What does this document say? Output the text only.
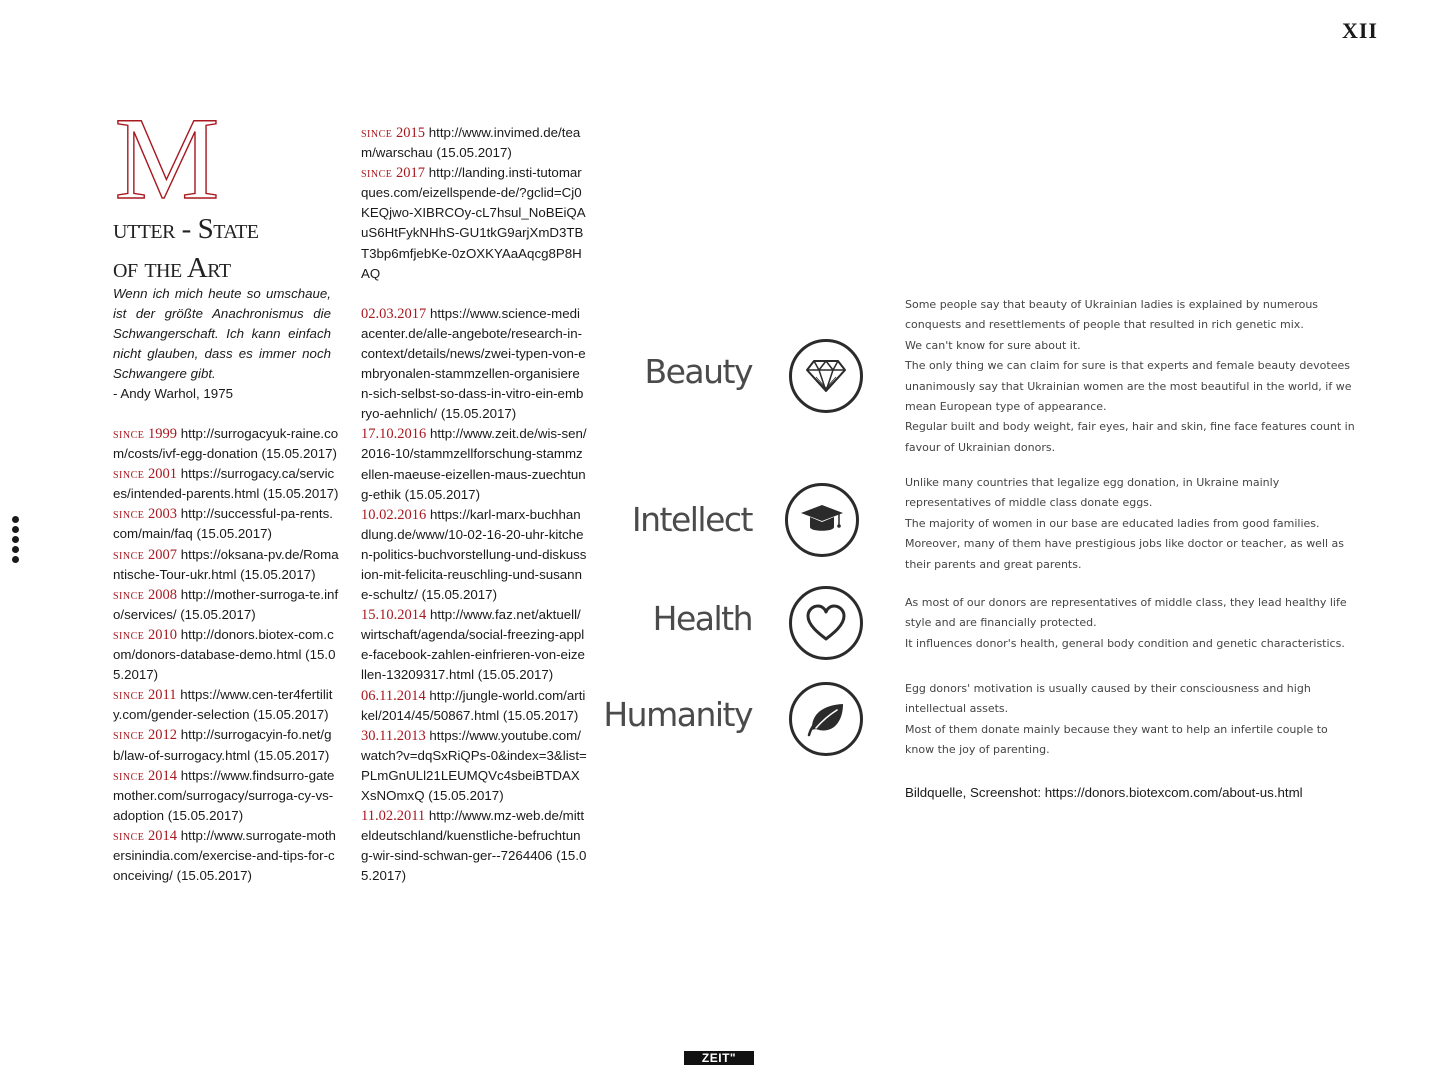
XII
M
utter - State
of the Art
Wenn ich mich heute so umschaue, ist der größte Anachronismus die Schwangerschaft. Ich kann einfach nicht glauben, dass es immer noch Schwangere gibt.
- Andy Warhol, 1975
since 1999 http://surrogacyuk-raine.com/costs/ivf-egg-donation (15.05.2017)
since 2001 https://surrogacy.ca/services/intended-parents.html (15.05.2017)
since 2003 http://successful-pa-rents.com/main/faq (15.05.2017)
since 2007 https://oksana-pv.de/Romantische-Tour-ukr.html (15.05.2017)
since 2008 http://mother-surroga-te.info/services/ (15.05.2017)
since 2010 http://donors.biotex-com.com/donors-database-demo.html (15.05.2017)
since 2011 https://www.cen-ter4fertility.com/gender-selection (15.05.2017)
since 2012 http://surrogacyin-fo.net/gb/law-of-surrogacy.html (15.05.2017)
since 2014 https://www.findsurro-gatemother.com/surrogacy/surroga-cy-vs-adoption (15.05.2017)
since 2014 http://www.surrogate-mothersinindia.com/exercise-and-tips-for-conceiving/ (15.05.2017)
since 2015 http://www.invimed.de/team/warschau (15.05.2017)
since 2017 http://landing.insti-tutomarques.com/eizellspende-de/?gclid=Cj0KEQjwo-XIBRCOy-cL7hsul_NoBEiQAuS6HtFykNHhS-GU1tkG9arjXmD3TBT3bp6mfjebKe-0zOXKYAaAqcg8P8HAQ
02.03.2017 https://www.science-mediacenter.de/alle-angebote/research-in-context/details/news/zwei-typen-von-embryonalen-stammzellen-organisieren-sich-selbst-so-dass-in-vitro-ein-embryo-aehnlich/ (15.05.2017)
17.10.2016 http://www.zeit.de/wis-sen/2016-10/stammzellforschung-stammzellen-maeuse-eizellen-maus-zuechtung-ethik (15.05.2017)
10.02.2016 https://karl-marx-buchhandlung.de/www/10-02-16-20-uhr-kitchen-politics-buchvorstellung-und-diskussion-mit-felicita-reuschling-und-susanne-schultz/ (15.05.2017)
15.10.2014 http://www.faz.net/aktuell/wirtschaft/agenda/social-freezing-apple-facebook-zahlen-einfrieren-von-eizellen-13209317.html (15.05.2017)
06.11.2014 http://jungle-world.com/artikel/2014/45/50867.html (15.05.2017)
30.11.2013 https://www.youtube.com/watch?v=dqSxRiQPs-0&index=3&list=PLmGnULl21LEUMQVc4sbeiBTDAXXsNOmxQ (15.05.2017)
11.02.2011 http://www.mz-web.de/mitteldeutschland/kuenstliche-befruchtung-wir-sind-schwan-ger--7264406 (15.05.2017)
Beauty

Some people say that beauty of Ukrainian ladies is explained by numerous conquests and resettlements of people that resulted in rich genetic mix.

We can't know for sure about it.

The only thing we can claim for sure is that experts and female beauty devotees unanimously say that Ukrainian women are the most beautiful in the world, if we mean European type of appearance.

Regular built and body weight, fair eyes, hair and skin, fine face features count in favour of Ukrainian donors.

Intellect

Unlike many countries that legalize egg donation, in Ukraine mainly representatives of middle class donate eggs.

The majority of women in our base are educated ladies from good families.

Moreover, many of them have prestigious jobs like doctor or teacher, as well as their parents and great parents.

Health	As most of our donors are representatives of middle class, they lead healthy life style and are financially protected.

It influences donor's health, general body condition and genetic characteristics.

Humanity

Egg donors' motivation is usually caused by their consciousness and high intellectual assets.

Most of them donate mainly because they want to help an infertile couple to know the joy of parenting.

Bildquelle, Screenshot: https://donors.biotexcom.com/about-us.html
ZEIT"
